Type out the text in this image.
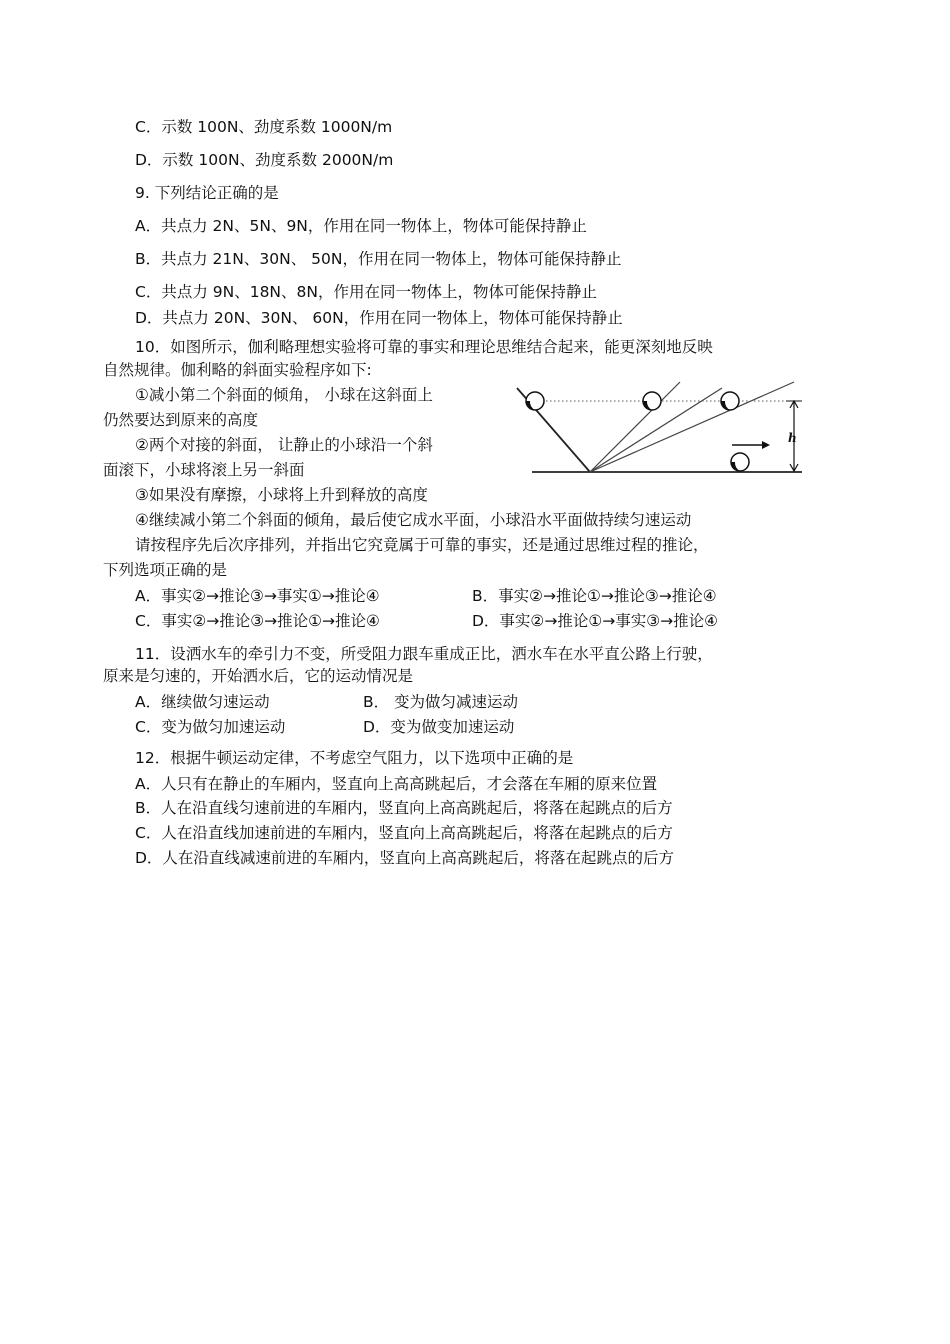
C．示数 100N、劲度系数 1000N/m
D．示数 100N、劲度系数 2000N/m
9. 下列结论正确的是
A．共点力 2N、5N、9N，作用在同一物体上，物体可能保持静止
B．共点力 21N、30N、 50N，作用在同一物体上，物体可能保持静止
C．共点力 9N、18N、8N，作用在同一物体上，物体可能保持静止
D．共点力 20N、30N、 60N，作用在同一物体上，物体可能保持静止
10．如图所示，伽利略理想实验将可靠的事实和理论思维结合起来，能更深刻地反映
自然规律。伽利略的斜面实验程序如下:
①减小第二个斜面的倾角， 小球在这斜面上
仍然要达到原来的高度
②两个对接的斜面， 让静止的小球沿一个斜
面滚下，小球将滚上另一斜面
③如果没有摩擦，小球将上升到释放的高度
④继续减小第二个斜面的倾角，最后使它成水平面，小球沿水平面做持续匀速运动
请按程序先后次序排列，并指出它究竟属于可靠的事实，还是通过思维过程的推论，
下列选项正确的是
A．事实②→推论③→事实①→推论④	B．事实②→推论①→推论③→推论④
C．事实②→推论③→推论①→推论④	D．事实②→推论①→事实③→推论④
h
11．设洒水车的牵引力不变，所受阻力跟车重成正比，洒水车在水平直公路上行驶，
原来是匀速的，开始洒水后，它的运动情况是
A．继续做匀速运动	B． 变为做匀减速运动
C．变为做匀加速运动	D．变为做变加速运动
12．根据牛顿运动定律，不考虑空气阻力，以下选项中正确的是
A．人只有在静止的车厢内，竖直向上高高跳起后，才会落在车厢的原来位置
B．人在沿直线匀速前进的车厢内，竖直向上高高跳起后，将落在起跳点的后方
C．人在沿直线加速前进的车厢内，竖直向上高高跳起后，将落在起跳点的后方
D．人在沿直线减速前进的车厢内，竖直向上高高跳起后，将落在起跳点的后方
